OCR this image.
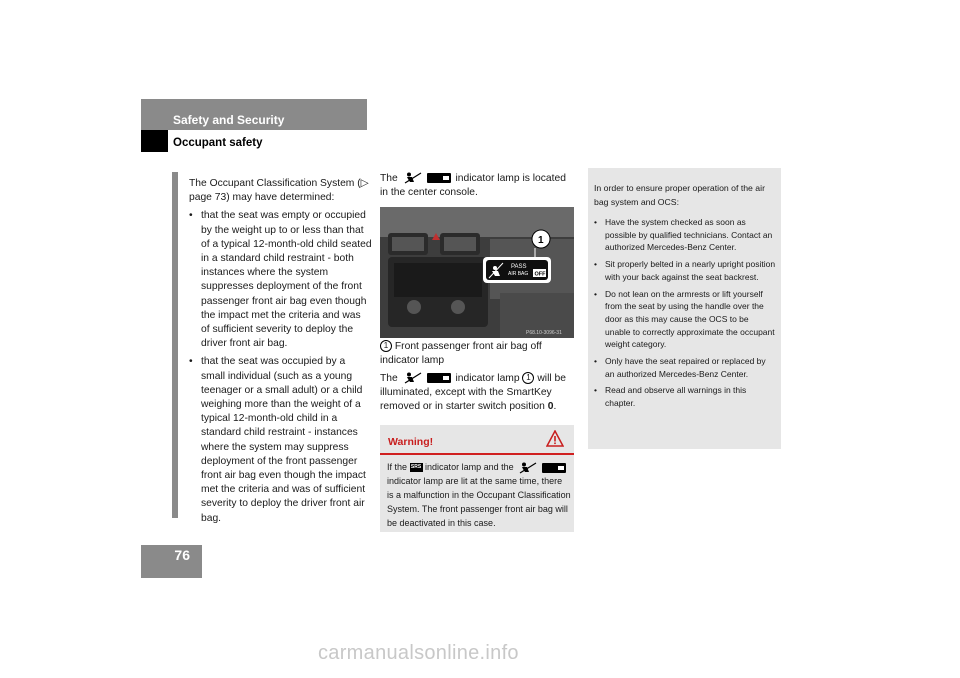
Safety and Security
Occupant safety
76

The Occupant Classification System (▷ page 73) may have determined:

• that the seat was empty or occupied by the weight up to or less than that of a typical 12-month-old child seated in a standard child restraint - both instances where the system suppresses deployment of the front passenger front air bag even though the impact met the criteria and was of sufficient severity to deploy the driver front air bag.
• that the seat was occupied by a small individual (such as a young teenager or a small adult) or a child weighing more than the weight of a typical 12-month-old child in a standard child restraint - instances where the system may suppress deployment of the front passenger front air bag even though the impact met the criteria and was of sufficient severity to deploy the driver front air bag.

The	indicator lamp is located in the center console.

PASS
AIR BAG OFF
1
P68.10-3096-31
1 Front passenger front air bag off indicator lamp
The	indicator lamp 1 will be illuminated, except with the SmartKey removed or in starter switch position 0.
Warning!
If the SRS indicator lamp and the
indicator lamp are lit at the same time, there is a malfunction in the Occupant Classification System. The front passenger front air bag will be deactivated in this case.
In order to ensure proper operation of the air bag system and OCS:
• Have the system checked as soon as possible by qualified technicians. Contact an authorized Mercedes-Benz Center.
• Sit properly belted in a nearly upright position with your back against the seat backrest.
• Do not lean on the armrests or lift yourself from the seat by using the handle over the door as this may cause the OCS to be unable to correctly approximate the occupant weight category.
• Only have the seat repaired or replaced by an authorized Mercedes-Benz Center.
• Read and observe all warnings in this chapter.
carmanualsonline.info
